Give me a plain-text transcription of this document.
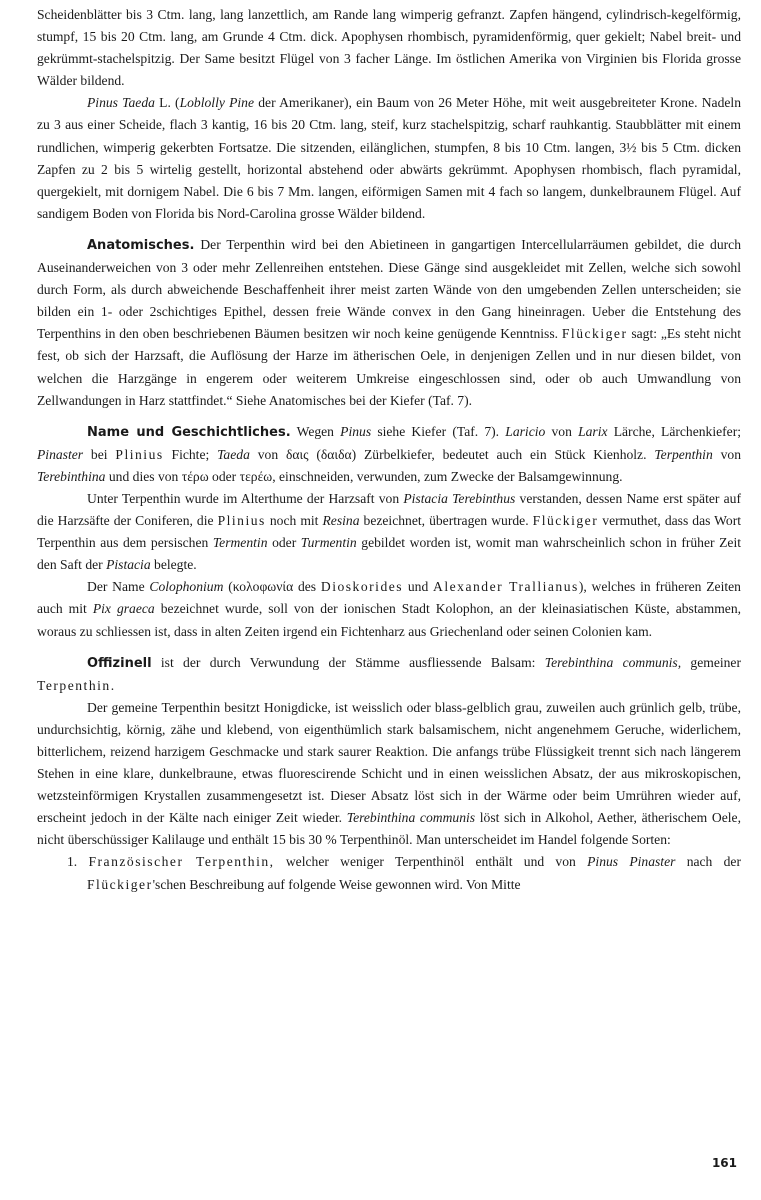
Scheidenblätter bis 3 Ctm. lang, lang lanzettlich, am Rande lang wimperig gefranzt. Zapfen hängend, cylindrisch-kegelförmig, stumpf, 15 bis 20 Ctm. lang, am Grunde 4 Ctm. dick. Apophysen rhombisch, pyramidenförmig, quer gekielt; Nabel breit- und gekrümmt-stachelspitzig. Der Same besitzt Flügel von 3 facher Länge. Im östlichen Amerika von Virginien bis Florida grosse Wälder bildend.

Pinus Taeda L. (Loblolly Pine der Amerikaner), ein Baum von 26 Meter Höhe, mit weit ausgebreiteter Krone. Nadeln zu 3 aus einer Scheide, flach 3 kantig, 16 bis 20 Ctm. lang, steif, kurz stachelspitzig, scharf rauhkantig. Staubblätter mit einem rundlichen, wimperig gekerbten Fortsatze. Die sitzenden, eilänglichen, stumpfen, 8 bis 10 Ctm. langen, 3½ bis 5 Ctm. dicken Zapfen zu 2 bis 5 wirtelig gestellt, horizontal abstehend oder abwärts gekrümmt. Apophysen rhombisch, flach pyramidal, quergekielt, mit dornigem Nabel. Die 6 bis 7 Mm. langen, eiförmigen Samen mit 4 fach so langem, dunkelbraunem Flügel. Auf sandigem Boden von Florida bis Nord-Carolina grosse Wälder bildend.

Anatomisches. Der Terpenthin wird bei den Abietineen in gangartigen Intercellularräumen gebildet, die durch Auseinanderweichen von 3 oder mehr Zellenreihen entstehen. Diese Gänge sind ausgekleidet mit Zellen, welche sich sowohl durch Form, als durch abweichende Beschaffenheit ihrer meist zarten Wände von den umgebenden Zellen unterscheiden; sie bilden ein 1- oder 2schichtiges Epithel, dessen freie Wände convex in den Gang hineinragen. Ueber die Entstehung des Terpenthins in den oben beschriebenen Bäumen besitzen wir noch keine genügende Kenntniss. Flückiger sagt: „Es steht nicht fest, ob sich der Harzsaft, die Auflösung der Harze im ätherischen Oele, in denjenigen Zellen und in nur diesen bildet, von welchen die Harzgänge in engerem oder weiterem Umkreise eingeschlossen sind, oder ob auch Umwandlung von Zellwandungen in Harz stattfindet.“ Siehe Anatomisches bei der Kiefer (Taf. 7).

Name und Geschichtliches. Wegen Pinus siehe Kiefer (Taf. 7). Laricio von Larix Lärche, Lärchenkiefer; Pinaster bei Plinius Fichte; Taeda von δαις (δαιδα) Zürbelkiefer, bedeutet auch ein Stück Kienholz. Terpenthin von Terebinthina und dies von τέρω oder τερέω, einschneiden, verwunden, zum Zwecke der Balsamgewinnung.

Unter Terpenthin wurde im Alterthume der Harzsaft von Pistacia Terebinthus verstanden, dessen Name erst später auf die Harzsäfte der Coniferen, die Plinius noch mit Resina bezeichnet, übertragen wurde. Flückiger vermuthet, dass das Wort Terpenthin aus dem persischen Termentin oder Turmentin gebildet worden ist, womit man wahrscheinlich schon in früher Zeit den Saft der Pistacia belegte.

Der Name Colophonium (κολοφωνία des Dioskorides und Alexander Trallianus), welches in früheren Zeiten auch mit Pix graeca bezeichnet wurde, soll von der ionischen Stadt Kolophon, an der kleinasiatischen Küste, abstammen, woraus zu schliessen ist, dass in alten Zeiten irgend ein Fichtenharz aus Griechenland oder seinen Colonien kam.

Offizinell ist der durch Verwundung der Stämme ausfliessende Balsam: Terebinthina communis, gemeiner Terpenthin.

Der gemeine Terpenthin besitzt Honigdicke, ist weisslich oder blass-gelblich grau, zuweilen auch grünlich gelb, trübe, undurchsichtig, körnig, zähe und klebend, von eigenthümlich stark balsamischem, nicht angenehmem Geruche, widerlichem, bitterlichem, reizend harzigem Geschmacke und stark saurer Reaktion. Die anfangs trübe Flüssigkeit trennt sich nach längerem Stehen in eine klare, dunkelbraune, etwas fluorescirende Schicht und in einen weisslichen Absatz, der aus mikroskopischen, wetzsteinförmigen Krystallen zusammengesetzt ist. Dieser Absatz löst sich in der Wärme oder beim Umrühren wieder auf, erscheint jedoch in der Kälte nach einiger Zeit wieder. Terebinthina communis löst sich in Alkohol, Aether, ätherischem Oele, nicht überschüssiger Kalilauge und enthält 15 bis 30 % Terpenthinöl. Man unterscheidet im Handel folgende Sorten:

1. Französischer Terpenthin, welcher weniger Terpenthinöl enthält und von Pinus Pinaster nach der Flückiger'schen Beschreibung auf folgende Weise gewonnen wird. Von Mitte
161
